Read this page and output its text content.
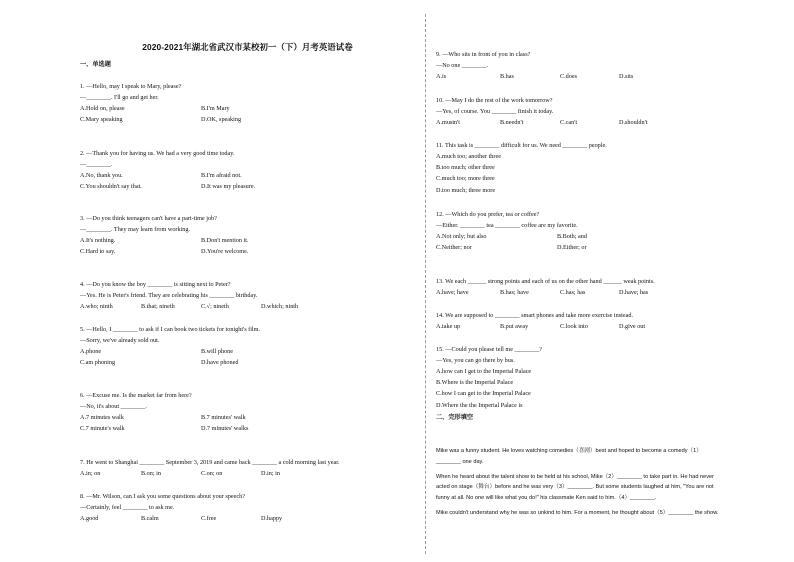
2020-2021年湖北省武汉市某校初一（下）月考英语试卷
一、单选题
1. —Hello, may I speak to Mary, please?
—________. I'll go and get her.
A.Hold on, please	B.I'm Mary
C.Mary speaking	D.OK, speaking
2. —Thank you for having us. We had a very good time today.
—________.
A.No, thank you.	B.I'm afraid not.
C.You shouldn't say that.	D.It was my pleasure.
3. —Do you think teenagers can't have a part-time job?
—________. They may learn from working.
A.It's nothing.	B.Don't mention it.
C.Hard to say.	D.You're welcome.
4. —Do you know the boy ________ is sitting next to Peter?
—Yes. He is Peter's friend. They are celebrating his ________ birthday.
A.who; ninth	B.that; nineth	C.√; nineth	D.which; ninth
5. —Hello, I ________ to ask if I can book two tickets for tonight's film.
—Sorry, we've already sold out.
A.phone	B.will phone
C.am phoning	D.have phoned
6. —Excuse me. Is the market far from here?
—No, it's about ________.
A.7 minutes walk	B.7 minutes' walk
C.7 minute's walk	D.7 minutes' walks
7. He went to Shanghai ________ September 3, 2019 and came back ________ a cold morning last year.
A.in; on	B.on; in	C.on; on	D.in; in
8. —Mr. Wilson, can I ask you some questions about your speech?
—Certainly, feel ________ to ask me.
A.good	B.calm	C.free	D.happy
9. —Who sits in front of you in class?
—No one ________.
A.is	B.has	C.does	D.sits
10. —May I do the rest of the work tomorrow?
—Yes, of course. You ________ finish it today.
A.mustn't	B.needn't	C.can't	D.shouldn't
11. This task is ________ difficult for us. We need ________ people.
A.much too; another three
B.too much; other three
C.much too; more three
D.too much; three more
12. —Which do you prefer, tea or coffee?
—Either. ________ tea ________ coffee are my favorite.
A.Not only; but also	B.Both; and
C.Neither; nor	D.Either; or
13. We each ______ strong points and each of us on the other hand ______ weak points.
A.have; have	B.has; have	C.has; has	D.have; has
14. We are supposed to ________ smart phones and take more exercise instead.
A.take up	B.put away	C.look into	D.give out
15. —Could you please tell me ________?
—Yes, you can go there by bus.
A.how can I get to the Imperial Palace
B.Where is the Imperial Palace
C.how I can get to the Imperial Palace
D.Where the the Imperial Palace is
二、完形填空

Mike was a funny student. He loves watching comedies（喜剧）best and hoped to become a comedy（1）

________ one day.

When he heard about the talent show to be held at his school, Mike（2）________ to take part in. He had never

acted on stage（舞台）before and he was very（3）________. But some students laughed at him, "You are not

funny at all. No one will like what you do!" his classmate Ken said to him.（4）________.

Mike couldn't understand why he was so unkind to him. For a moment, he thought about（5）________ the show.
